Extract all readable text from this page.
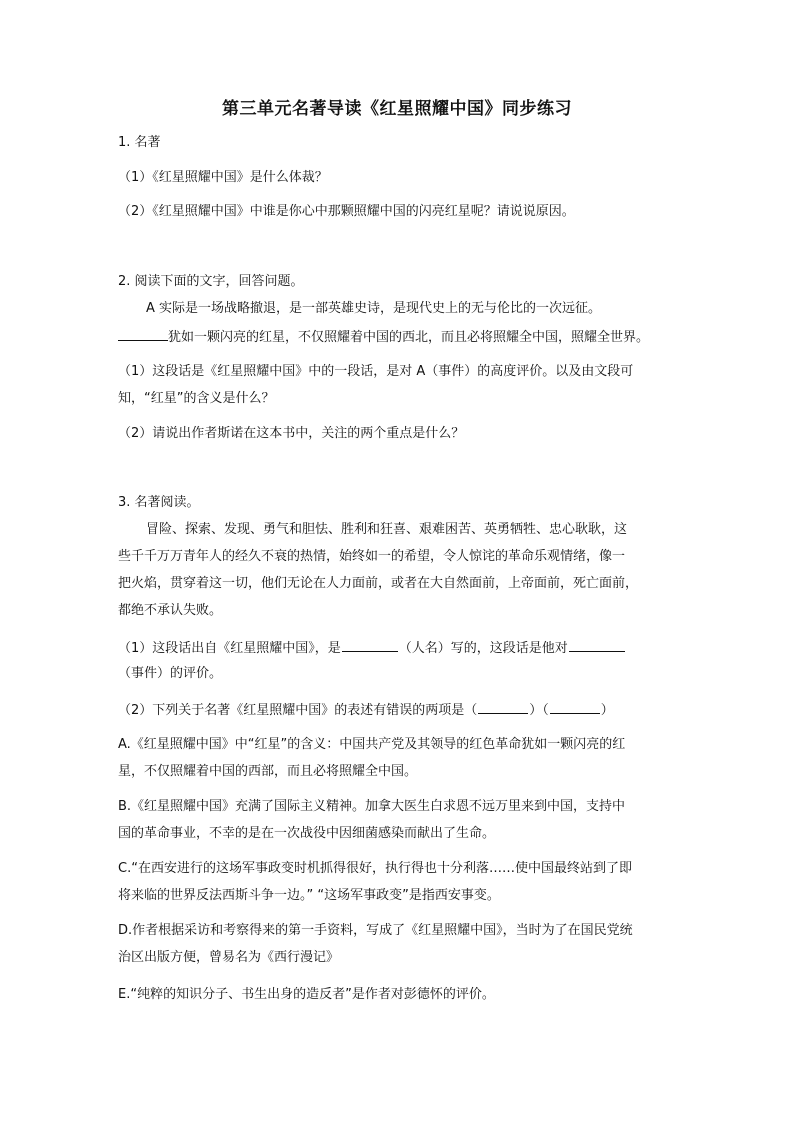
第三单元名著导读《红星照耀中国》同步练习
1. 名著
（1）《红星照耀中国》是什么体裁？
（2）《红星照耀中国》中谁是你心中那颗照耀中国的闪亮红星呢？请说说原因。
2. 阅读下面的文字，回答问题。
A 实际是一场战略撤退，是一部英雄史诗，是现代史上的无与伦比的一次远征。
犹如一颗闪亮的红星，不仅照耀着中国的西北，而且必将照耀全中国，照耀全世界。
（1）这段话是《红星照耀中国》中的一段话，是对 A（事件）的高度评价。以及由文段可
知，“红星”的含义是什么？
（2）请说出作者斯诺在这本书中，关注的两个重点是什么？
3. 名著阅读。
冒险、探索、发现、勇气和胆怯、胜利和狂喜、艰难困苦、英勇牺牲、忠心耿耿，这
些千千万万青年人的经久不衰的热情，始终如一的希望，令人惊诧的革命乐观情绪，像一
把火焰，贯穿着这一切，他们无论在人力面前，或者在大自然面前，上帝面前，死亡面前，
都绝不承认失败。
（1）这段话出自《红星照耀中国》，是	（人名）写的，这段话是他对
（事件）的评价。
（2）下列关于名著《红星照耀中国》的表述有错误的两项是（	）（	）
A.《红星照耀中国》中“红星”的含义：中国共产党及其领导的红色革命犹如一颗闪亮的红
星，不仅照耀着中国的西部，而且必将照耀全中国。
B.《红星照耀中国》充满了国际主义精神。加拿大医生白求恩不远万里来到中国，支持中
国的革命事业，不幸的是在一次战役中因细菌感染而献出了生命。
C.“在西安进行的这场军事政变时机抓得很好，执行得也十分利落……使中国最终站到了即
将来临的世界反法西斯斗争一边。” “这场军事政变”是指西安事变。
D.作者根据采访和考察得来的第一手资料，写成了《红星照耀中国》，当时为了在国民党统
治区出版方便，曾易名为《西行漫记》
E.“纯粹的知识分子、书生出身的造反者”是作者对彭德怀的评价。
